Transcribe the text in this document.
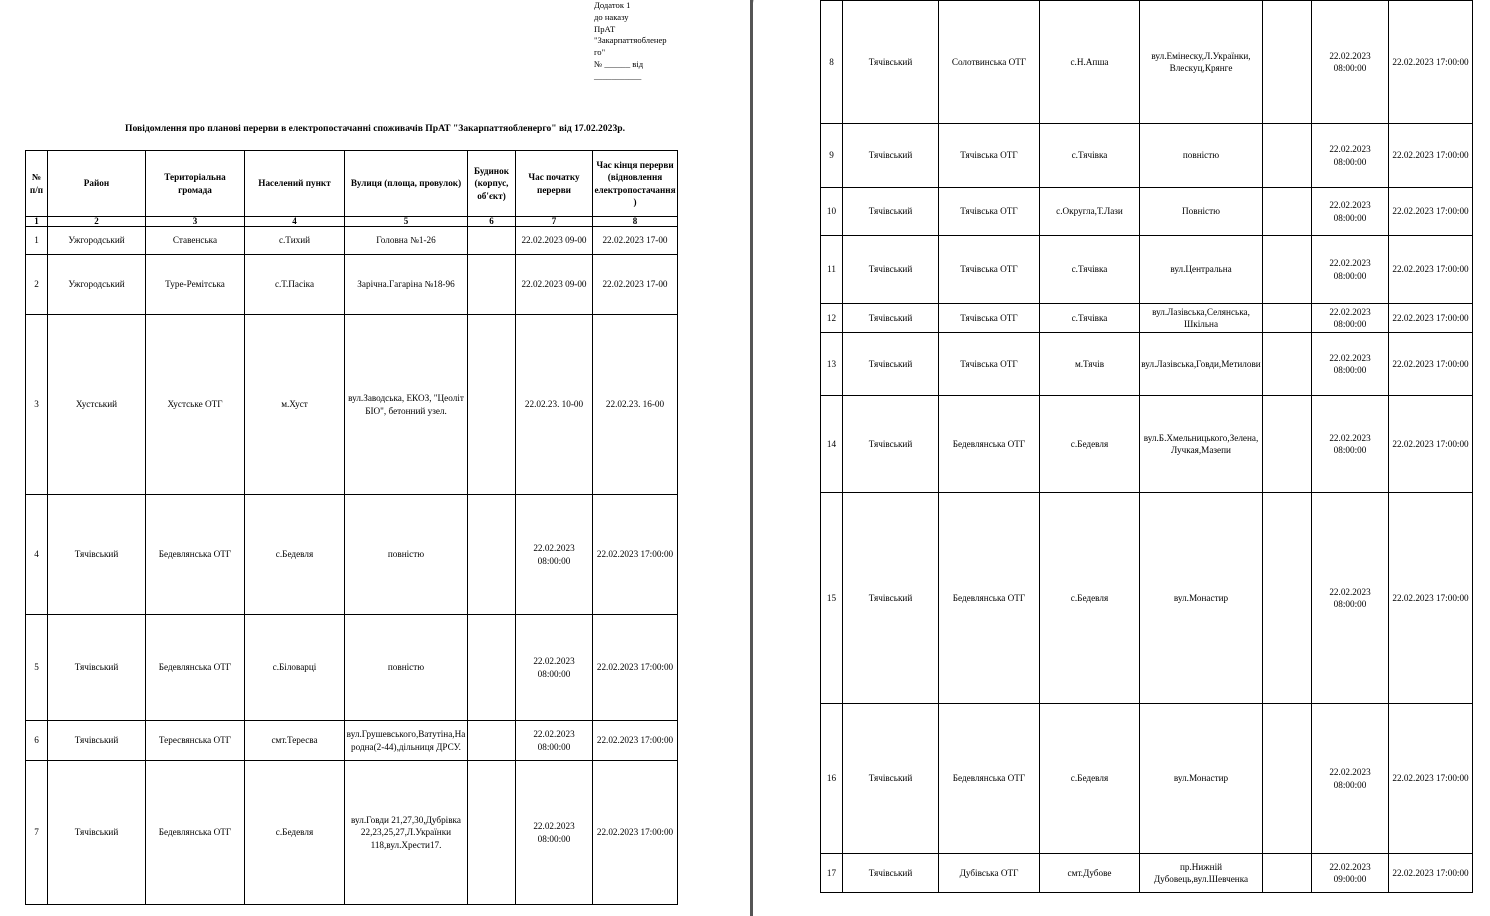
Додаток 1
до наказу
ПрАТ
"Закарпаттяобленер
го"
№ ______ від
___________
Повідомлення про планові перерви в електропостачанні споживачів ПрАТ "Закарпаттяобленерго" від 17.02.2023р.
№ п/п	Район	Територіальна громада	Населений пункт	Вулиця (площа, провулок)	Будинок (корпус, об'єкт)	Час початку перерви	Час кінця перерви (відновлення електропостачання)
1	2	3	4	5	6	7	8
1	Ужгородський	Ставенська	с.Тихий	Головна №1-26		22.02.2023 09-00	22.02.2023 17-00
2	Ужгородський	Туре-Ремітська	с.Т.Пасіка	Зарічна.Гагаріна №18-96		22.02.2023 09-00	22.02.2023 17-00
3	Хустський	Хустське ОТГ	м.Хуст	вул.Заводська, ЕКОЗ, "Цеоліт БІО", бетонний узел.		22.02.23. 10-00	22.02.23. 16-00
4	Тячівський	Бедевлянська ОТГ	с.Бедевля	повністю		22.02.2023 08:00:00	22.02.2023 17:00:00
5	Тячівський	Бедевлянська ОТГ	с.Біловарці	повністю		22.02.2023 08:00:00	22.02.2023 17:00:00
6	Тячівський	Тересвянська ОТГ	смт.Тересва	вул.Грушевського,Ватутіна,Народна(2-44),дільниця ДРСУ.		22.02.2023 08:00:00	22.02.2023 17:00:00
7	Тячівський	Бедевлянська ОТГ	с.Бедевля	вул.Говди 21,27,30,Дубрівка 22,23,25,27,Л.Українки 118,вул.Хрести17.		22.02.2023 08:00:00	22.02.2023 17:00:00
8	Тячівський	Солотвинська ОТГ	с.Н.Апша	вул.Емінеску,Л.Українки, Влескуц,Крянге		22.02.2023 08:00:00	22.02.2023 17:00:00
9	Тячівський	Тячівська ОТГ	с.Тячівка	повністю		22.02.2023 08:00:00	22.02.2023 17:00:00
10	Тячівський	Тячівська ОТГ	с.Округла,Т.Лази	Повністю		22.02.2023 08:00:00	22.02.2023 17:00:00
11	Тячівський	Тячівська ОТГ	с.Тячівка	вул.Центральна		22.02.2023 08:00:00	22.02.2023 17:00:00
12	Тячівський	Тячівська ОТГ	с.Тячівка	вул.Лазівська,Селянська, Шкільна		22.02.2023 08:00:00	22.02.2023 17:00:00
13	Тячівський	Тячівська ОТГ	м.Тячів	вул.Лазівська,Говди,Метилови		22.02.2023 08:00:00	22.02.2023 17:00:00
14	Тячівський	Бедевлянська ОТГ	с.Бедевля	вул.Б.Хмельницького,Зелена,Лучкая,Мазепи		22.02.2023 08:00:00	22.02.2023 17:00:00
15	Тячівський	Бедевлянська ОТГ	с.Бедевля	вул.Монастир		22.02.2023 08:00:00	22.02.2023 17:00:00
16	Тячівський	Бедевлянська ОТГ	с.Бедевля	вул.Монастир		22.02.2023 08:00:00	22.02.2023 17:00:00
17	Тячівський	Дубівська ОТГ	смт.Дубове	пр.Нижній Дубовець,вул.Шевченка		22.02.2023 09:00:00	22.02.2023 17:00:00
